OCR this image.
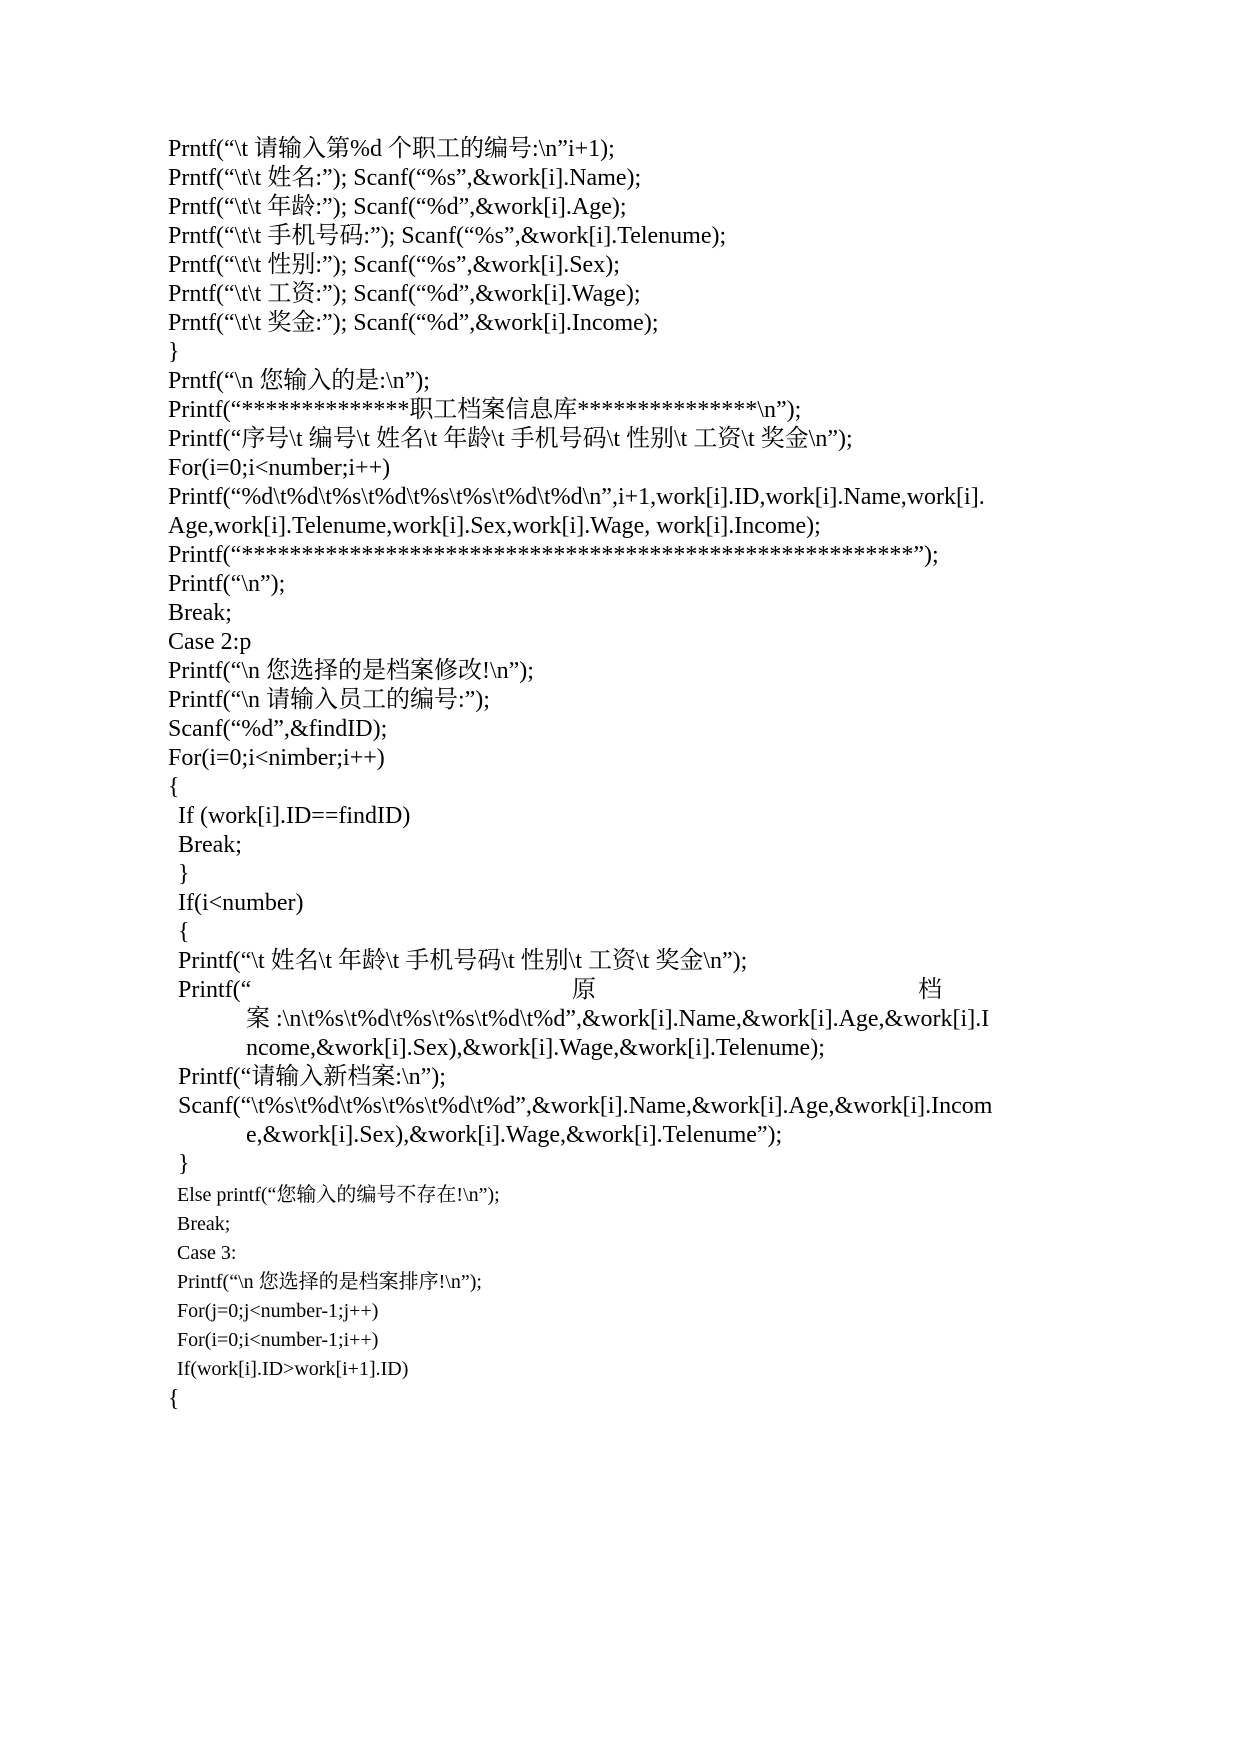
Prntf(“\t 请输入第%d 个职工的编号:\n”i+1);
Prntf(“\t\t 姓名:”); Scanf(“%s”,&work[i].Name);
Prntf(“\t\t 年龄:”); Scanf(“%d”,&work[i].Age);
Prntf(“\t\t 手机号码:”); Scanf(“%s”,&work[i].Telenume);
Prntf(“\t\t 性别:”); Scanf(“%s”,&work[i].Sex);
Prntf(“\t\t 工资:”); Scanf(“%d”,&work[i].Wage);
Prntf(“\t\t 奖金:”); Scanf(“%d”,&work[i].Income);
}
Prntf(“\n 您输入的是:\n”);
Printf(“**************职工档案信息库***************\n”);
Printf(“序号\t 编号\t 姓名\t 年龄\t 手机号码\t 性别\t 工资\t 奖金\n”);
For(i=0;i<number;i++)
Printf(“%d\t%d\t%s\t%d\t%s\t%s\t%d\t%d\n”,i+1,work[i].ID,work[i].Name,work[i].
Age,work[i].Telenume,work[i].Sex,work[i].Wage, work[i].Income);
Printf(“********************************************************”);
Printf(“\n”);
Break;
Case 2:p
Printf(“\n 您选择的是档案修改!\n”);
Printf(“\n 请输入员工的编号:”);
Scanf(“%d”,&findID);
For(i=0;i<nimber;i++)
{
If (work[i].ID==findID)
Break;
}
If(i<number)
{
Printf(“\t 姓名\t 年龄\t 手机号码\t 性别\t 工资\t 奖金\n”);
Printf(“	原	档
案 :\n\t%s\t%d\t%s\t%s\t%d\t%d”,&work[i].Name,&work[i].Age,&work[i].I
ncome,&work[i].Sex),&work[i].Wage,&work[i].Telenume);
Printf(“请输入新档案:\n”);
Scanf(“\t%s\t%d\t%s\t%s\t%d\t%d”,&work[i].Name,&work[i].Age,&work[i].Incom
e,&work[i].Sex),&work[i].Wage,&work[i].Telenume”);
}
Else printf(“您输入的编号不存在!\n”);
Break;
Case 3:
Printf(“\n 您选择的是档案排序!\n”);
For(j=0;j<number-1;j++)
For(i=0;i<number-1;i++)
If(work[i].ID>work[i+1].ID)
{
